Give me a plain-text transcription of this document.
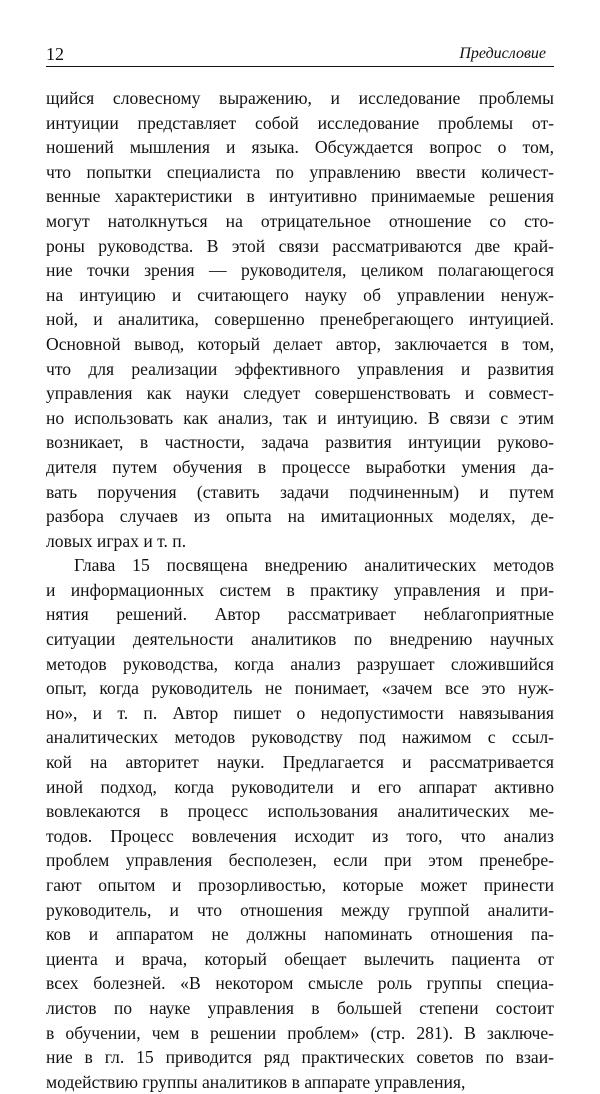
12	Предисловие
щийся словесному выражению, и исследование проблемы
интуиции представляет собой исследование проблемы от-
ношений мышления и языка. Обсуждается вопрос о том,
что попытки специалиста по управлению ввести количест-
венные характеристики в интуитивно принимаемые решения
могут натолкнуться на отрицательное отношение со сто-
роны руководства. В этой связи рассматриваются две край-
ние точки зрения — руководителя, целиком полагающегося
на интуицию и считающего науку об управлении ненуж-
ной, и аналитика, совершенно пренебрегающего интуицией.
Основной вывод, который делает автор, заключается в том,
что для реализации эффективного управления и развития
управления как науки следует совершенствовать и совмест-
но использовать как анализ, так и интуицию. В связи с этим
возникает, в частности, задача развития интуиции руково-
дителя путем обучения в процессе выработки умения да-
вать поручения (ставить задачи подчиненным) и путем
разбора случаев из опыта на имитационных моделях, де-
ловых играх и т. п.
Глава 15 посвящена внедрению аналитических методов
и информационных систем в практику управления и при-
нятия решений. Автор рассматривает неблагоприятные
ситуации деятельности аналитиков по внедрению научных
методов руководства, когда анализ разрушает сложившийся
опыт, когда руководитель не понимает, «зачем все это нуж-
но», и т. п. Автор пишет о недопустимости навязывания
аналитических методов руководству под нажимом с ссыл-
кой на авторитет науки. Предлагается и рассматривается
иной подход, когда руководители и его аппарат активно
вовлекаются в процесс использования аналитических ме-
тодов. Процесс вовлечения исходит из того, что анализ
проблем управления бесполезен, если при этом пренебре-
гают опытом и прозорливостью, которые может принести
руководитель, и что отношения между группой аналити-
ков и аппаратом не должны напоминать отношения па-
циента и врача, который обещает вылечить пациента от
всех болезней. «В некотором смысле роль группы специа-
листов по науке управления в большей степени состоит
в обучении, чем в решении проблем» (стр. 281). В заключе-
ние в гл. 15 приводится ряд практических советов по взаи-
модействию группы аналитиков в аппарате управления,
